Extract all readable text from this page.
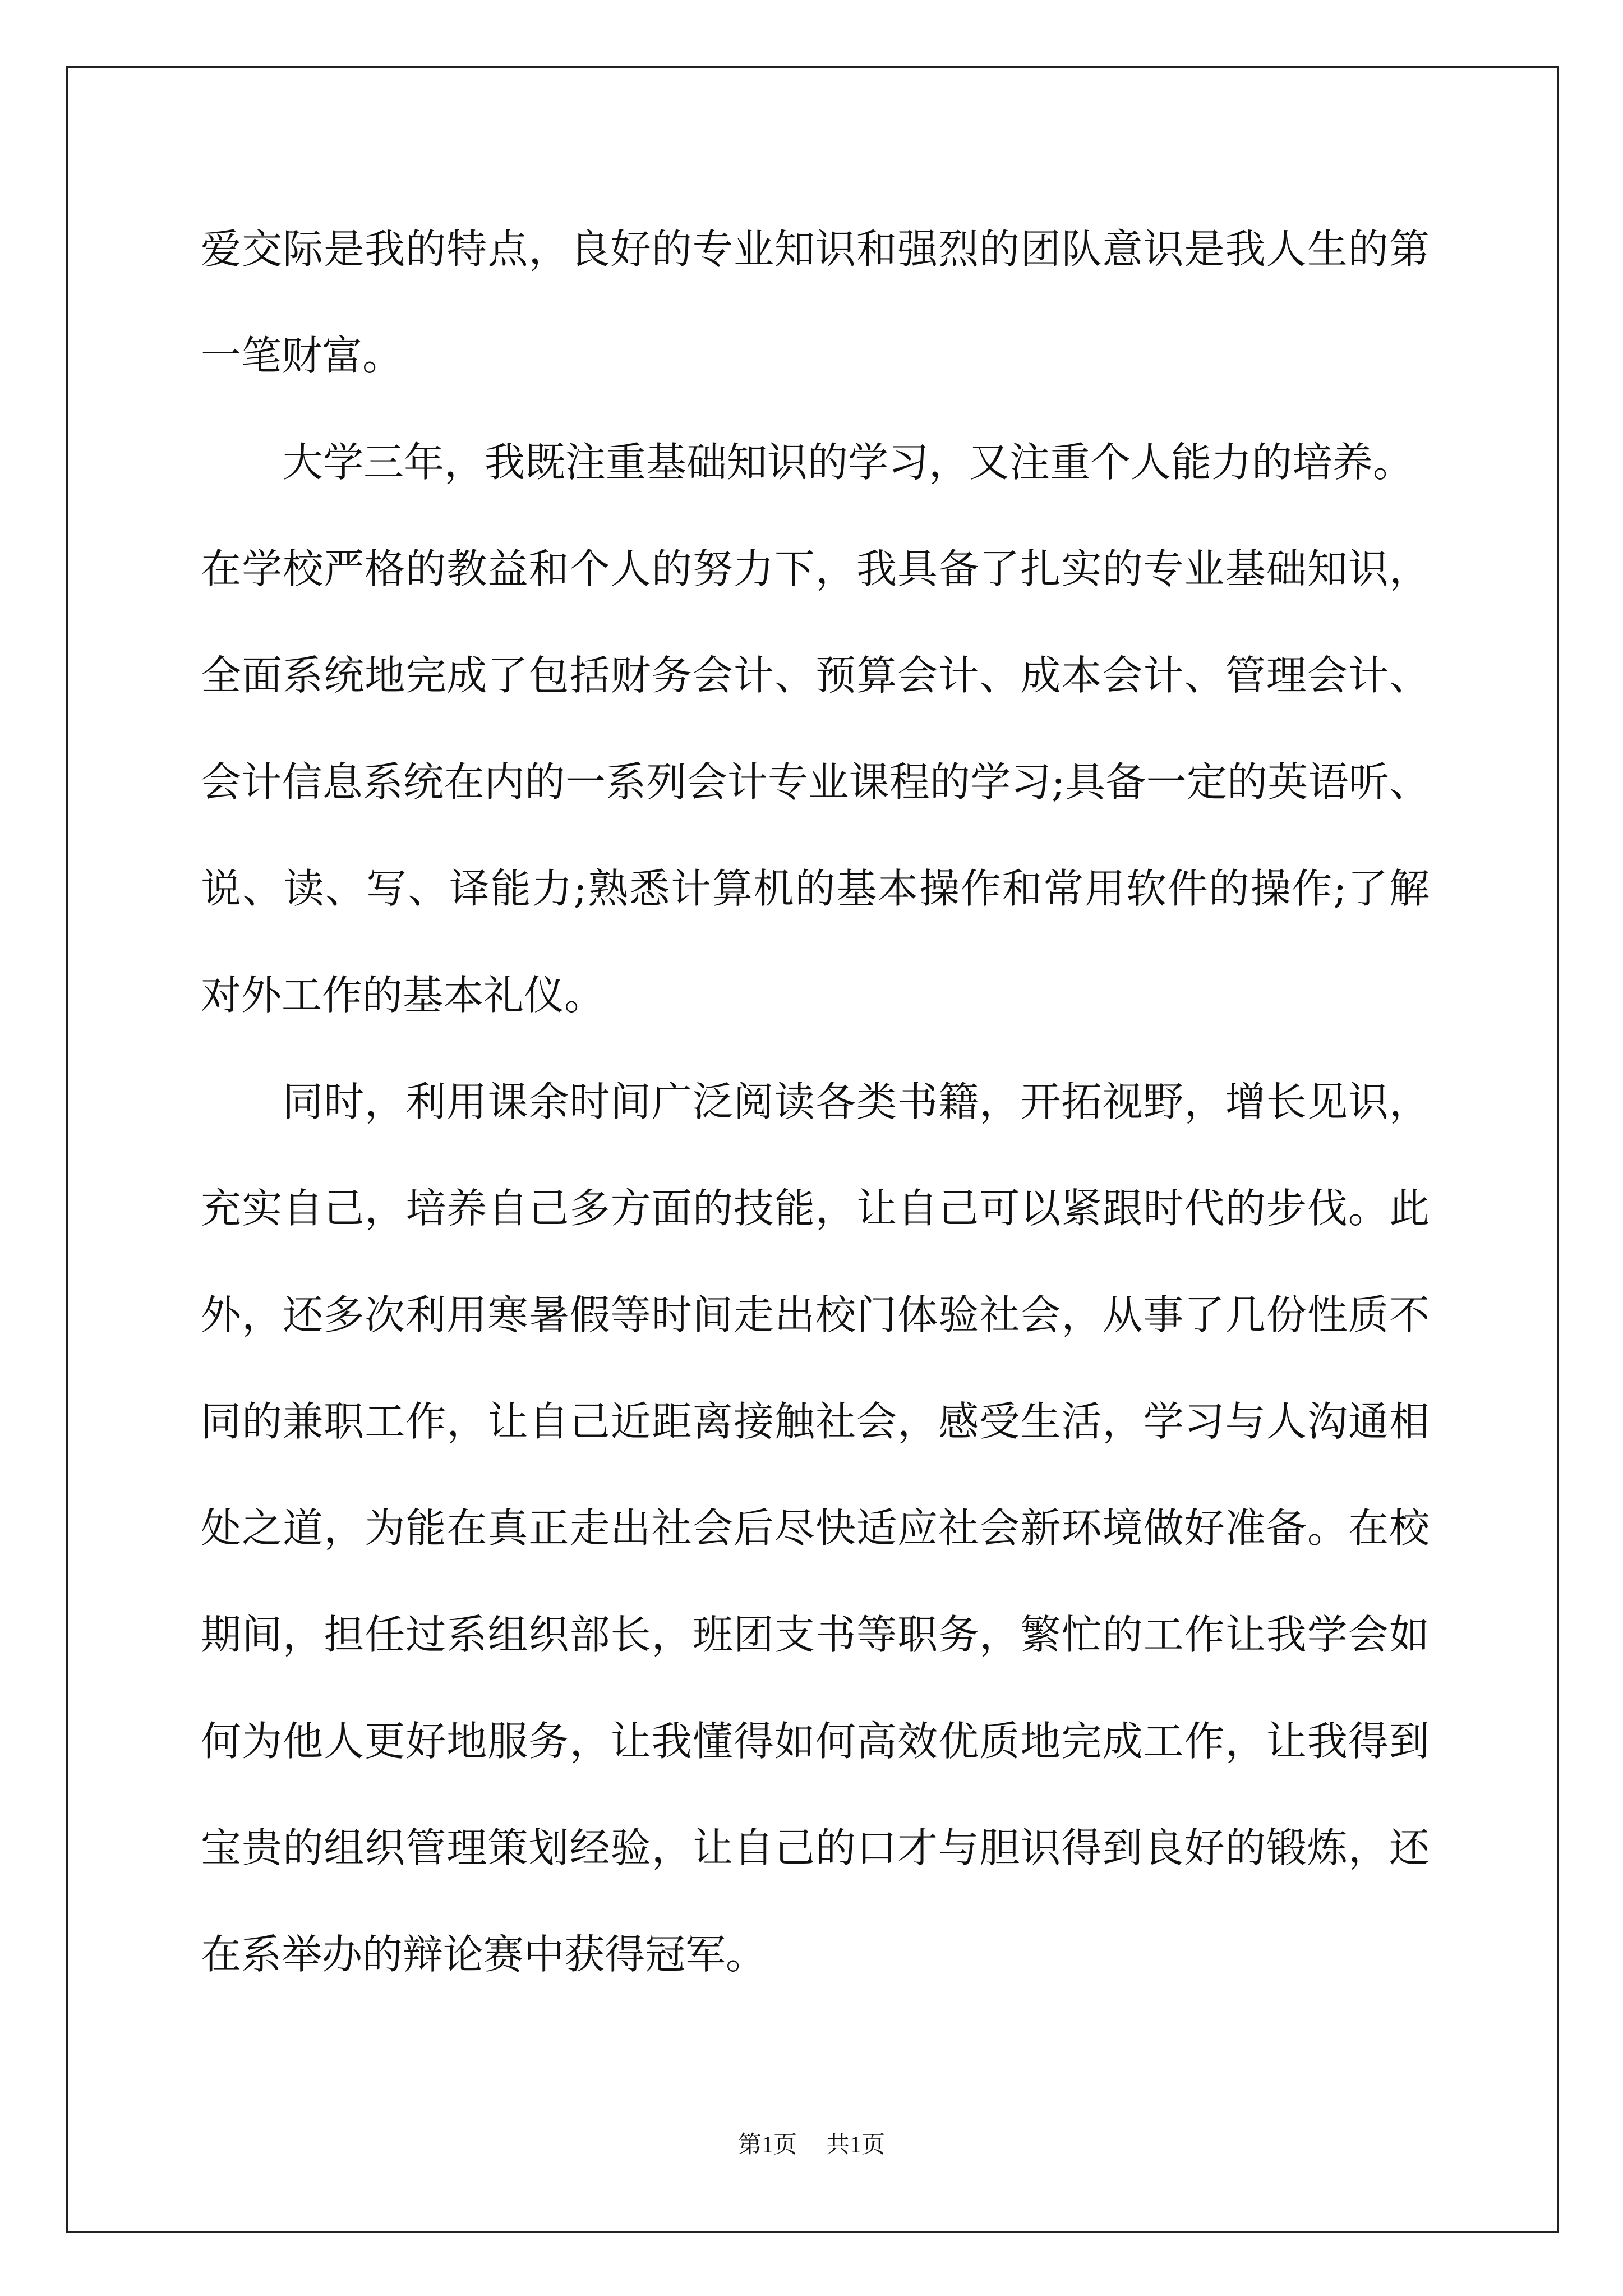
爱交际是我的特点，良好的专业知识和强烈的团队意识是我人生的第
一笔财富。
大学三年，我既注重基础知识的学习，又注重个人能力的培养。
在学校严格的教益和个人的努力下，我具备了扎实的专业基础知识，
全面系统地完成了包括财务会计、预算会计、成本会计、管理会计、
会计信息系统在内的一系列会计专业课程的学习;具备一定的英语听、
说、读、写、译能力;熟悉计算机的基本操作和常用软件的操作;了解
对外工作的基本礼仪。
同时，利用课余时间广泛阅读各类书籍，开拓视野，增长见识，
充实自己，培养自己多方面的技能，让自己可以紧跟时代的步伐。此
外，还多次利用寒暑假等时间走出校门体验社会，从事了几份性质不
同的兼职工作，让自己近距离接触社会，感受生活，学习与人沟通相
处之道，为能在真正走出社会后尽快适应社会新环境做好准备。在校
期间，担任过系组织部长，班团支书等职务，繁忙的工作让我学会如
何为他人更好地服务，让我懂得如何高效优质地完成工作，让我得到
宝贵的组织管理策划经验，让自己的口才与胆识得到良好的锻炼，还
在系举办的辩论赛中获得冠军。
第1页 共1页
